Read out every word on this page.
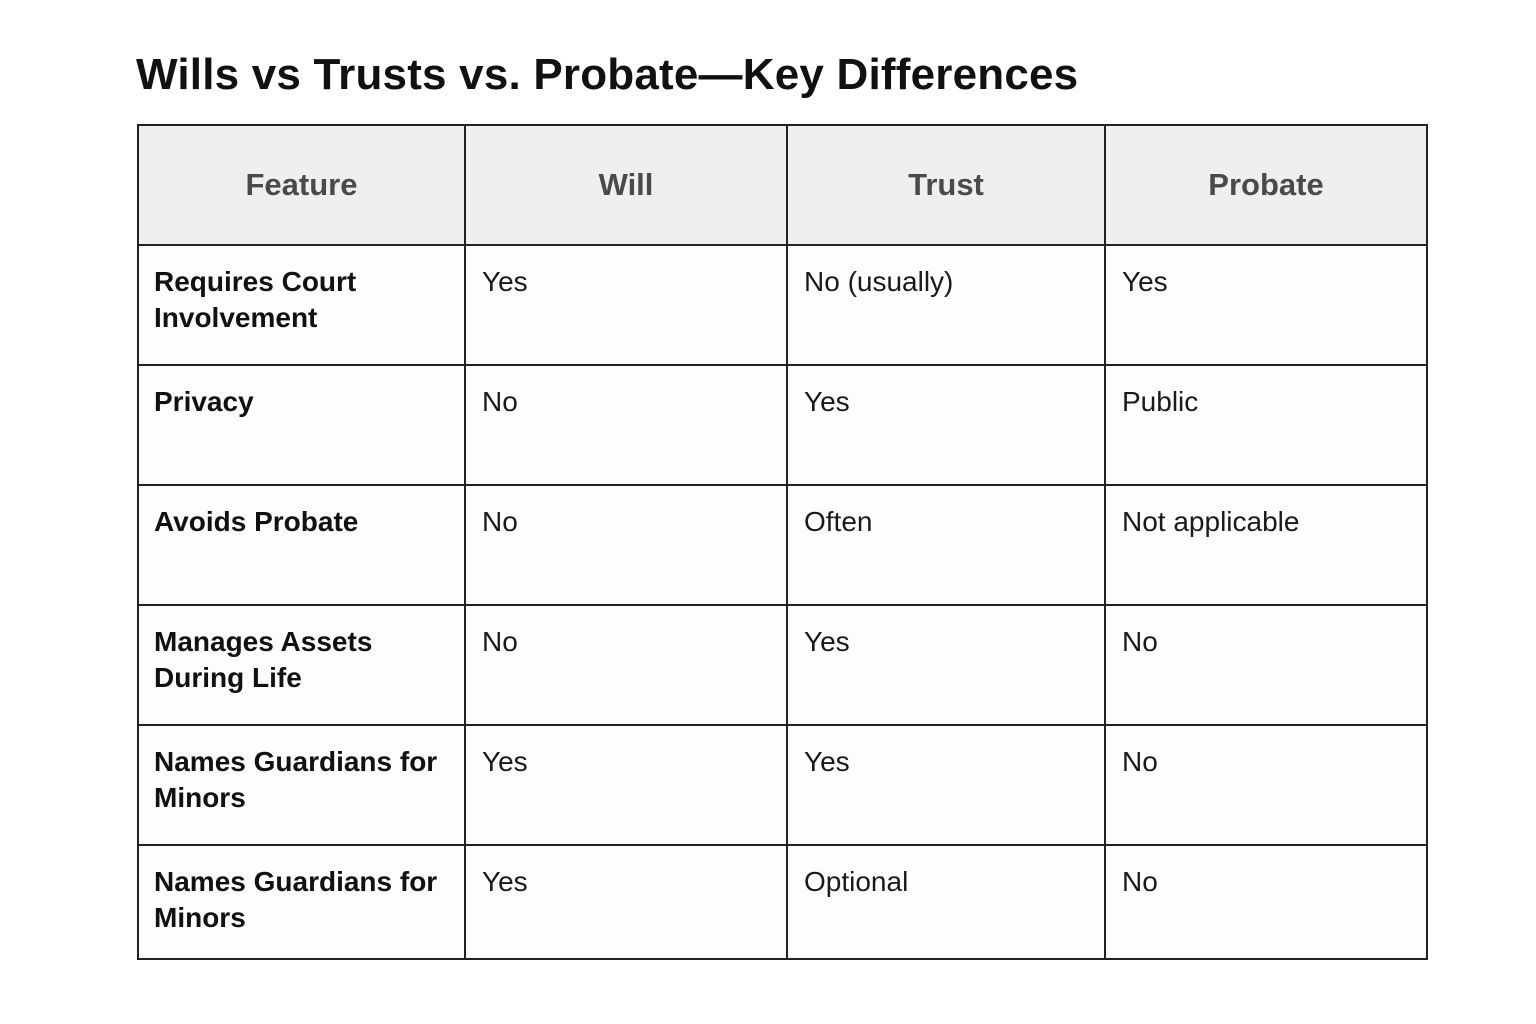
Wills vs Trusts vs. Probate—Key Differences
Feature	Will	Trust	Probate
Requires Court Involvement	Yes	No (usually)	Yes
Privacy	No	Yes	Public
Avoids Probate	No	Often	Not applicable
Manages Assets During Life	No	Yes	No
Names Guardians for Minors	Yes	Yes	No
Names Guardians for Minors	Yes	Optional	No
